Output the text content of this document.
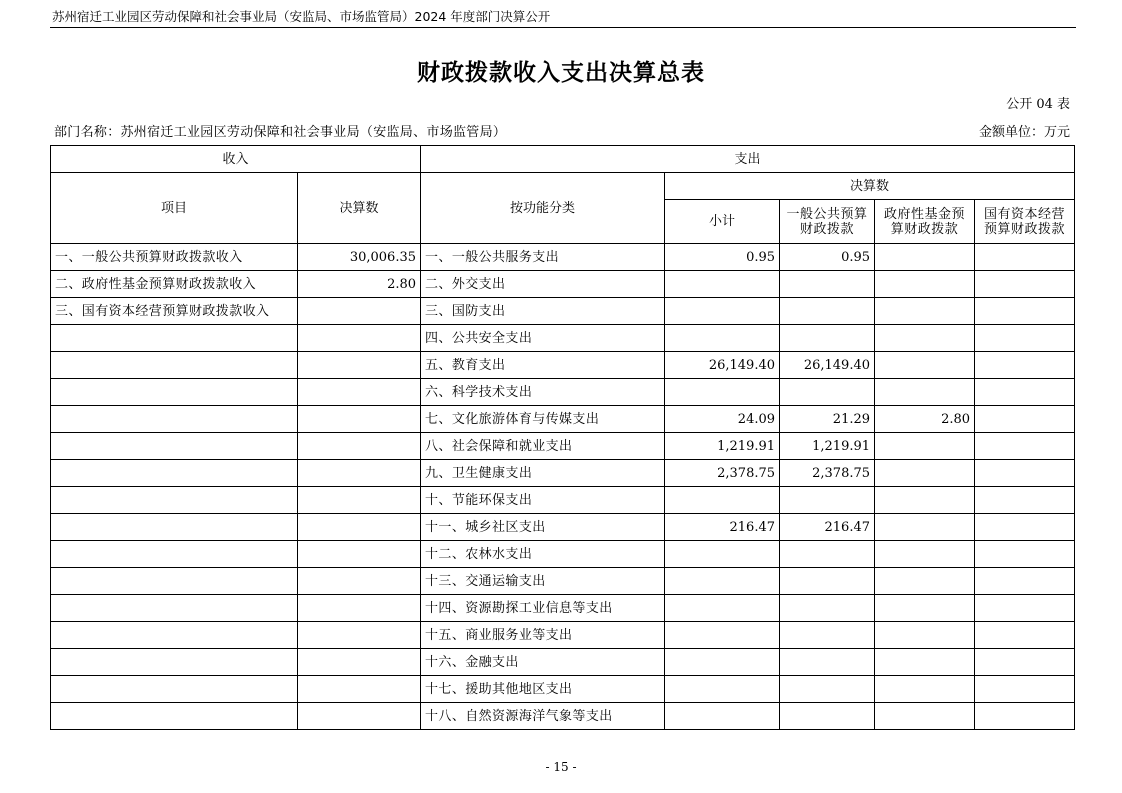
苏州宿迁工业园区劳动保障和社会事业局（安监局、市场监管局）2024 年度部门决算公开
财政拨款收入支出决算总表
公开 04 表
部门名称：苏州宿迁工业园区劳动保障和社会事业局（安监局、市场监管局）	金额单位：万元
收入		支出				
项目	决算数	按功能分类	决算数			
			小计	一般公共预算财政拨款	政府性基金预算财政拨款	国有资本经营预算财政拨款
一、一般公共预算财政拨款收入	30,006.35	一、一般公共服务支出	0.95	0.95		
二、政府性基金预算财政拨款收入	2.80	二、外交支出				
三、国有资本经营预算财政拨款收入		三、国防支出				
		四、公共安全支出				
		五、教育支出	26,149.40	26,149.40		
		六、科学技术支出				
		七、文化旅游体育与传媒支出	24.09	21.29	2.80	
		八、社会保障和就业支出	1,219.91	1,219.91		
		九、卫生健康支出	2,378.75	2,378.75		
		十、节能环保支出				
		十一、城乡社区支出	216.47	216.47		
		十二、农林水支出				
		十三、交通运输支出				
		十四、资源勘探工业信息等支出				
		十五、商业服务业等支出				
		十六、金融支出				
		十七、援助其他地区支出				
		十八、自然资源海洋气象等支出				
- 15 -
